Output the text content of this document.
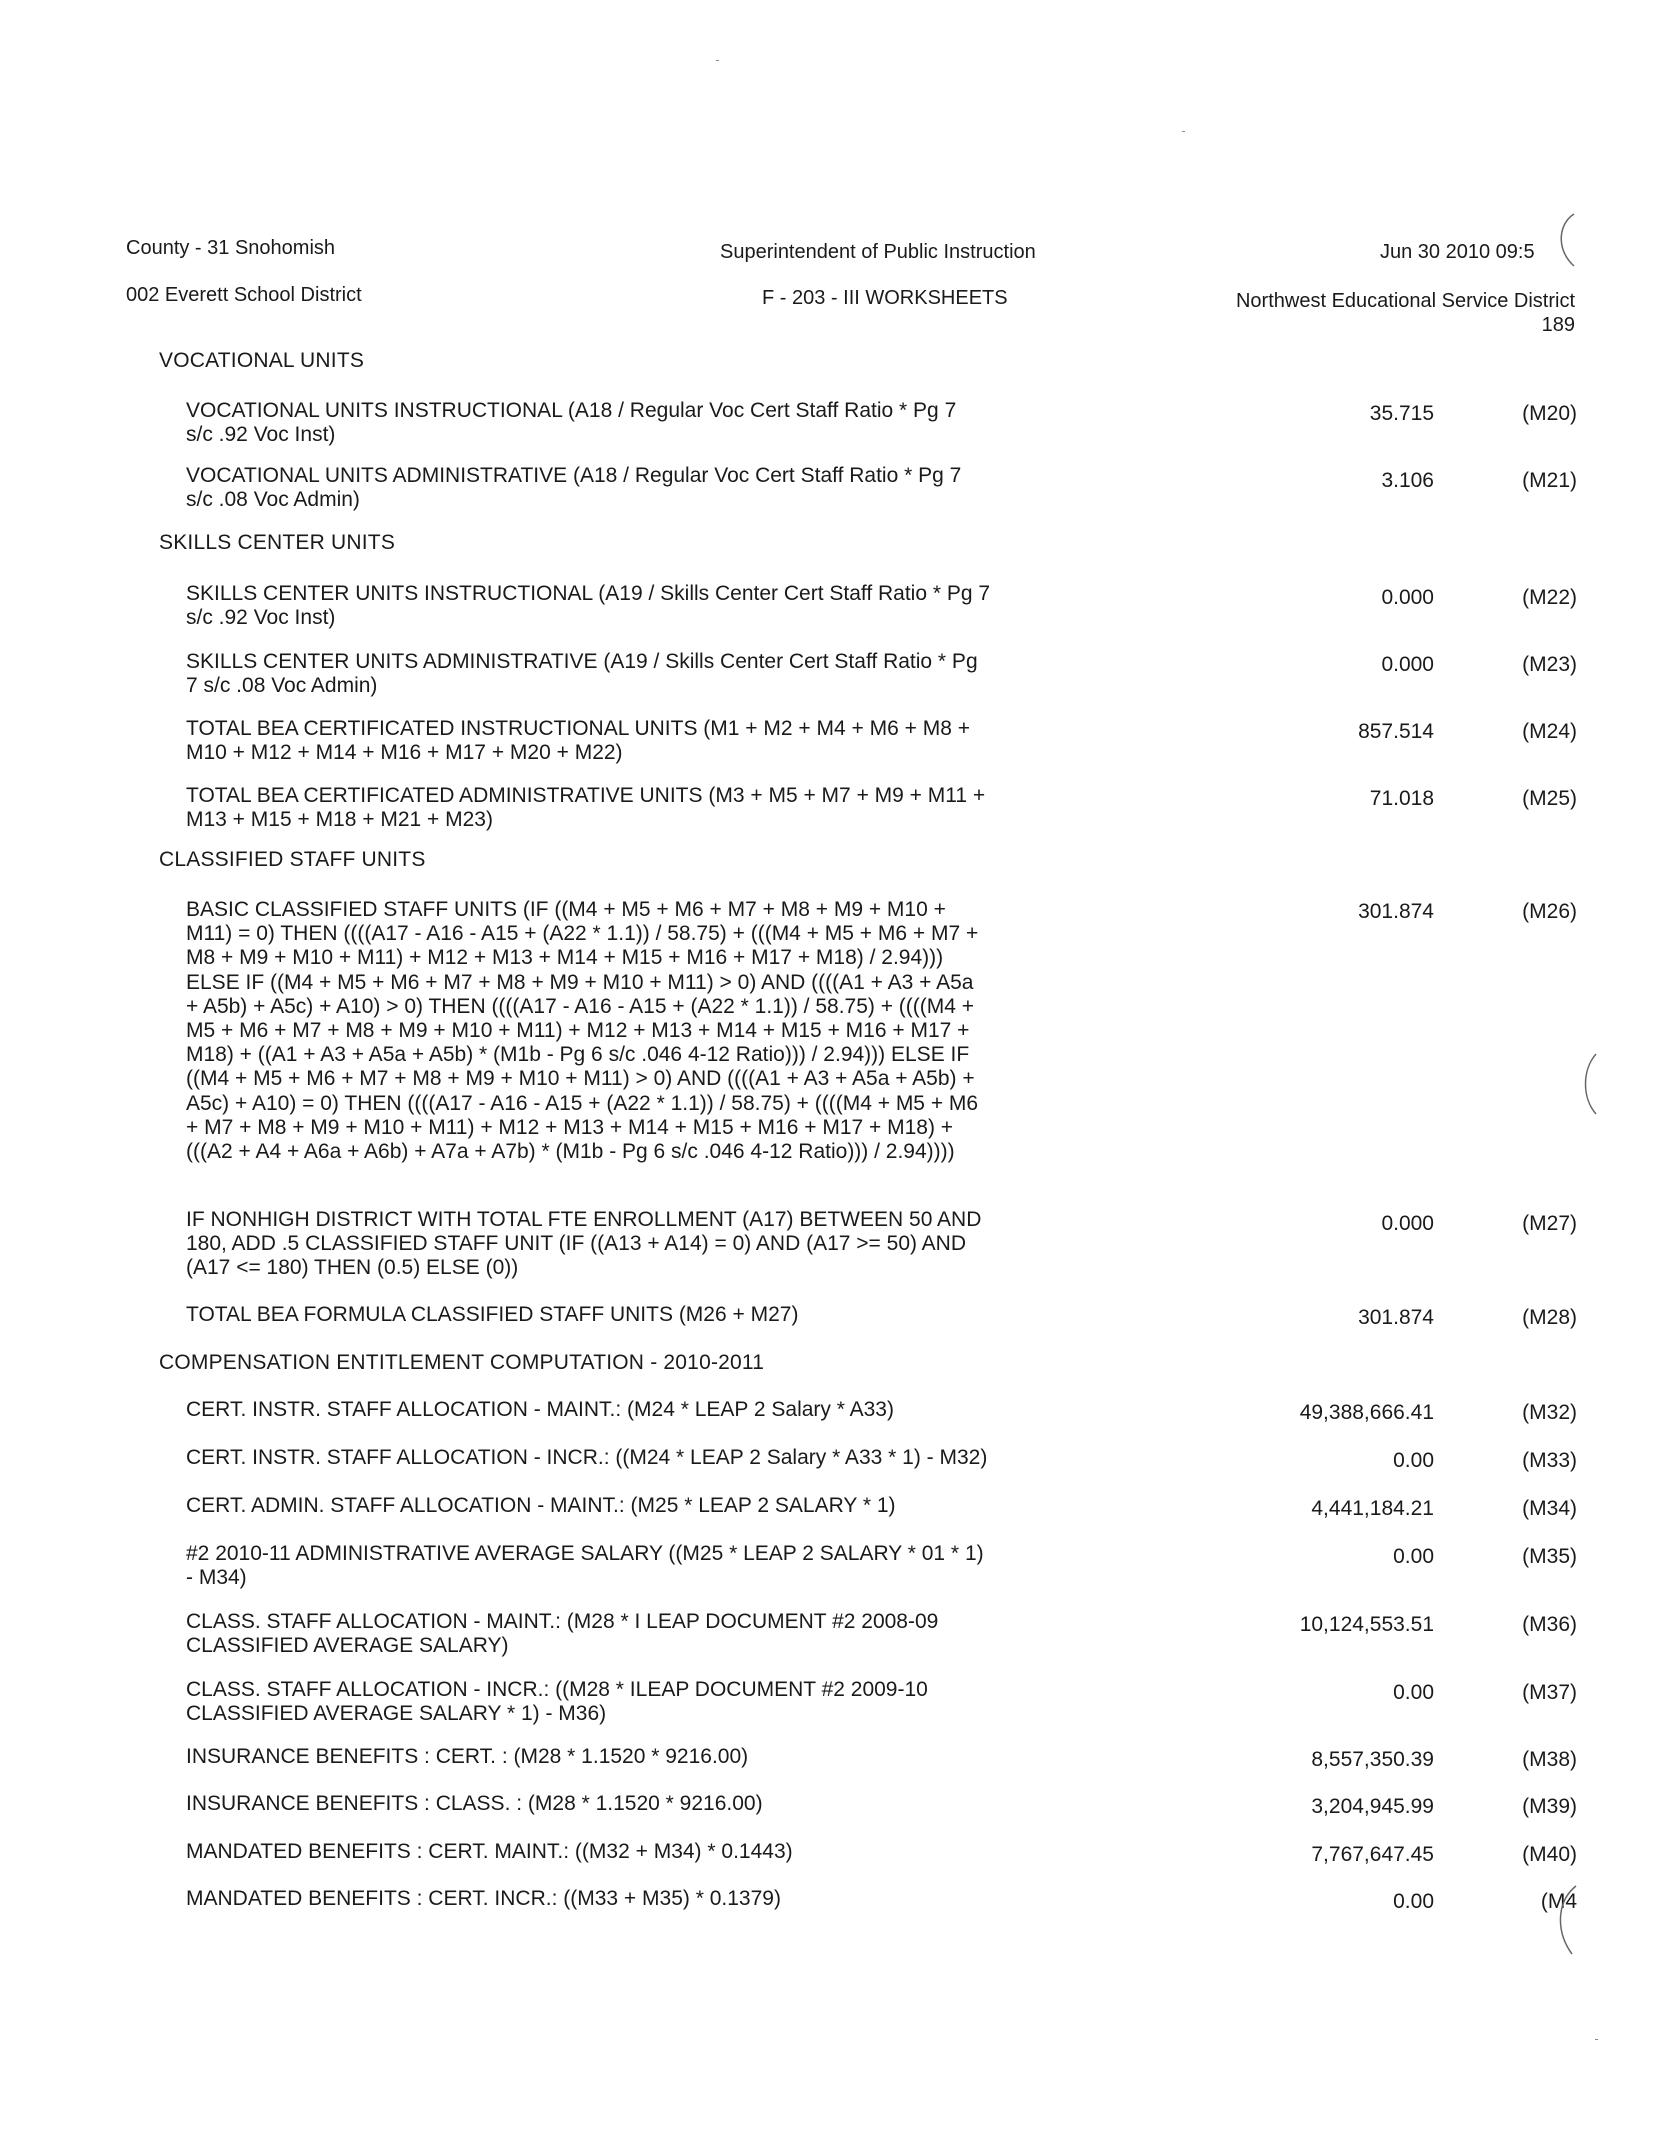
County - 31 Snohomish	Superintendent of Public Instruction	Jun 30 2010 09:5
002 Everett School District	F - 203 - III WORKSHEETS	Northwest Educational Service District
189
VOCATIONAL UNITS
SKILLS CENTER UNITS
CLASSIFIED STAFF UNITS
COMPENSATION ENTITLEMENT COMPUTATION - 2010-2011
VOCATIONAL UNITS INSTRUCTIONAL (A18 / Regular Voc Cert Staff Ratio * Pg 7
s/c .92 Voc Inst)
35.715	(M20)
VOCATIONAL UNITS ADMINISTRATIVE (A18 / Regular Voc Cert Staff Ratio * Pg 7
s/c .08 Voc Admin)
3.106	(M21)
SKILLS CENTER UNITS INSTRUCTIONAL (A19 / Skills Center Cert Staff Ratio * Pg 7
s/c .92 Voc Inst)
0.000	(M22)
SKILLS CENTER UNITS ADMINISTRATIVE (A19 / Skills Center Cert Staff Ratio * Pg
7 s/c .08 Voc Admin)
0.000	(M23)
TOTAL BEA CERTIFICATED INSTRUCTIONAL UNITS (M1 + M2 + M4 + M6 + M8 +
M10 + M12 + M14 + M16 + M17 + M20 + M22)
857.514	(M24)
TOTAL BEA CERTIFICATED ADMINISTRATIVE UNITS (M3 + M5 + M7 + M9 + M11 +
M13 + M15 + M18 + M21 + M23)
71.018	(M25)
BASIC CLASSIFIED STAFF UNITS (IF ((M4 + M5 + M6 + M7 + M8 + M9 + M10 +
M11) = 0) THEN ((((A17 - A16 - A15 + (A22 * 1.1)) / 58.75) + (((M4 + M5 + M6 + M7 +
M8 + M9 + M10 + M11) + M12 + M13 + M14 + M15 + M16 + M17 + M18) / 2.94)))
ELSE IF ((M4 + M5 + M6 + M7 + M8 + M9 + M10 + M11) > 0) AND ((((A1 + A3 + A5a
+ A5b) + A5c) + A10) > 0) THEN ((((A17 - A16 - A15 + (A22 * 1.1)) / 58.75) + ((((M4 +
M5 + M6 + M7 + M8 + M9 + M10 + M11) + M12 + M13 + M14 + M15 + M16 + M17 +
M18) + ((A1 + A3 + A5a + A5b) * (M1b - Pg 6 s/c .046 4-12 Ratio))) / 2.94))) ELSE IF
((M4 + M5 + M6 + M7 + M8 + M9 + M10 + M11) > 0) AND ((((A1 + A3 + A5a + A5b) +
A5c) + A10) = 0) THEN ((((A17 - A16 - A15 + (A22 * 1.1)) / 58.75) + ((((M4 + M5 + M6
+ M7 + M8 + M9 + M10 + M11) + M12 + M13 + M14 + M15 + M16 + M17 + M18) +
(((A2 + A4 + A6a + A6b) + A7a + A7b) * (M1b - Pg 6 s/c .046 4-12 Ratio))) / 2.94))))
301.874	(M26)
IF NONHIGH DISTRICT WITH TOTAL FTE ENROLLMENT (A17) BETWEEN 50 AND
180, ADD .5 CLASSIFIED STAFF UNIT (IF ((A13 + A14) = 0) AND (A17 >= 50) AND
(A17 <= 180) THEN (0.5) ELSE (0))
0.000	(M27)
TOTAL BEA FORMULA CLASSIFIED STAFF UNITS (M26 + M27)	301.874	(M28)
CERT. INSTR. STAFF ALLOCATION - MAINT.: (M24 * LEAP 2 Salary * A33)	49,388,666.41	(M32)
CERT. INSTR. STAFF ALLOCATION - INCR.: ((M24 * LEAP 2 Salary * A33 * 1) - M32)	0.00	(M33)
CERT. ADMIN. STAFF ALLOCATION - MAINT.: (M25 * LEAP 2 SALARY * 1)	4,441,184.21	(M34)
#2 2010-11 ADMINISTRATIVE AVERAGE SALARY ((M25 * LEAP 2 SALARY * 01 * 1)
- M34)
0.00	(M35)
CLASS. STAFF ALLOCATION - MAINT.: (M28 * I LEAP DOCUMENT #2 2008-09
CLASSIFIED AVERAGE SALARY)
10,124,553.51	(M36)
CLASS. STAFF ALLOCATION - INCR.: ((M28 * ILEAP DOCUMENT #2 2009-10
CLASSIFIED AVERAGE SALARY * 1) - M36)
0.00	(M37)
INSURANCE BENEFITS : CERT. : (M28 * 1.1520 * 9216.00)	8,557,350.39	(M38)
INSURANCE BENEFITS : CLASS. : (M28 * 1.1520 * 9216.00)	3,204,945.99	(M39)
MANDATED BENEFITS : CERT. MAINT.: ((M32 + M34) * 0.1443)	7,767,647.45	(M40)
MANDATED BENEFITS : CERT. INCR.: ((M33 + M35) * 0.1379)	0.00	(M4
